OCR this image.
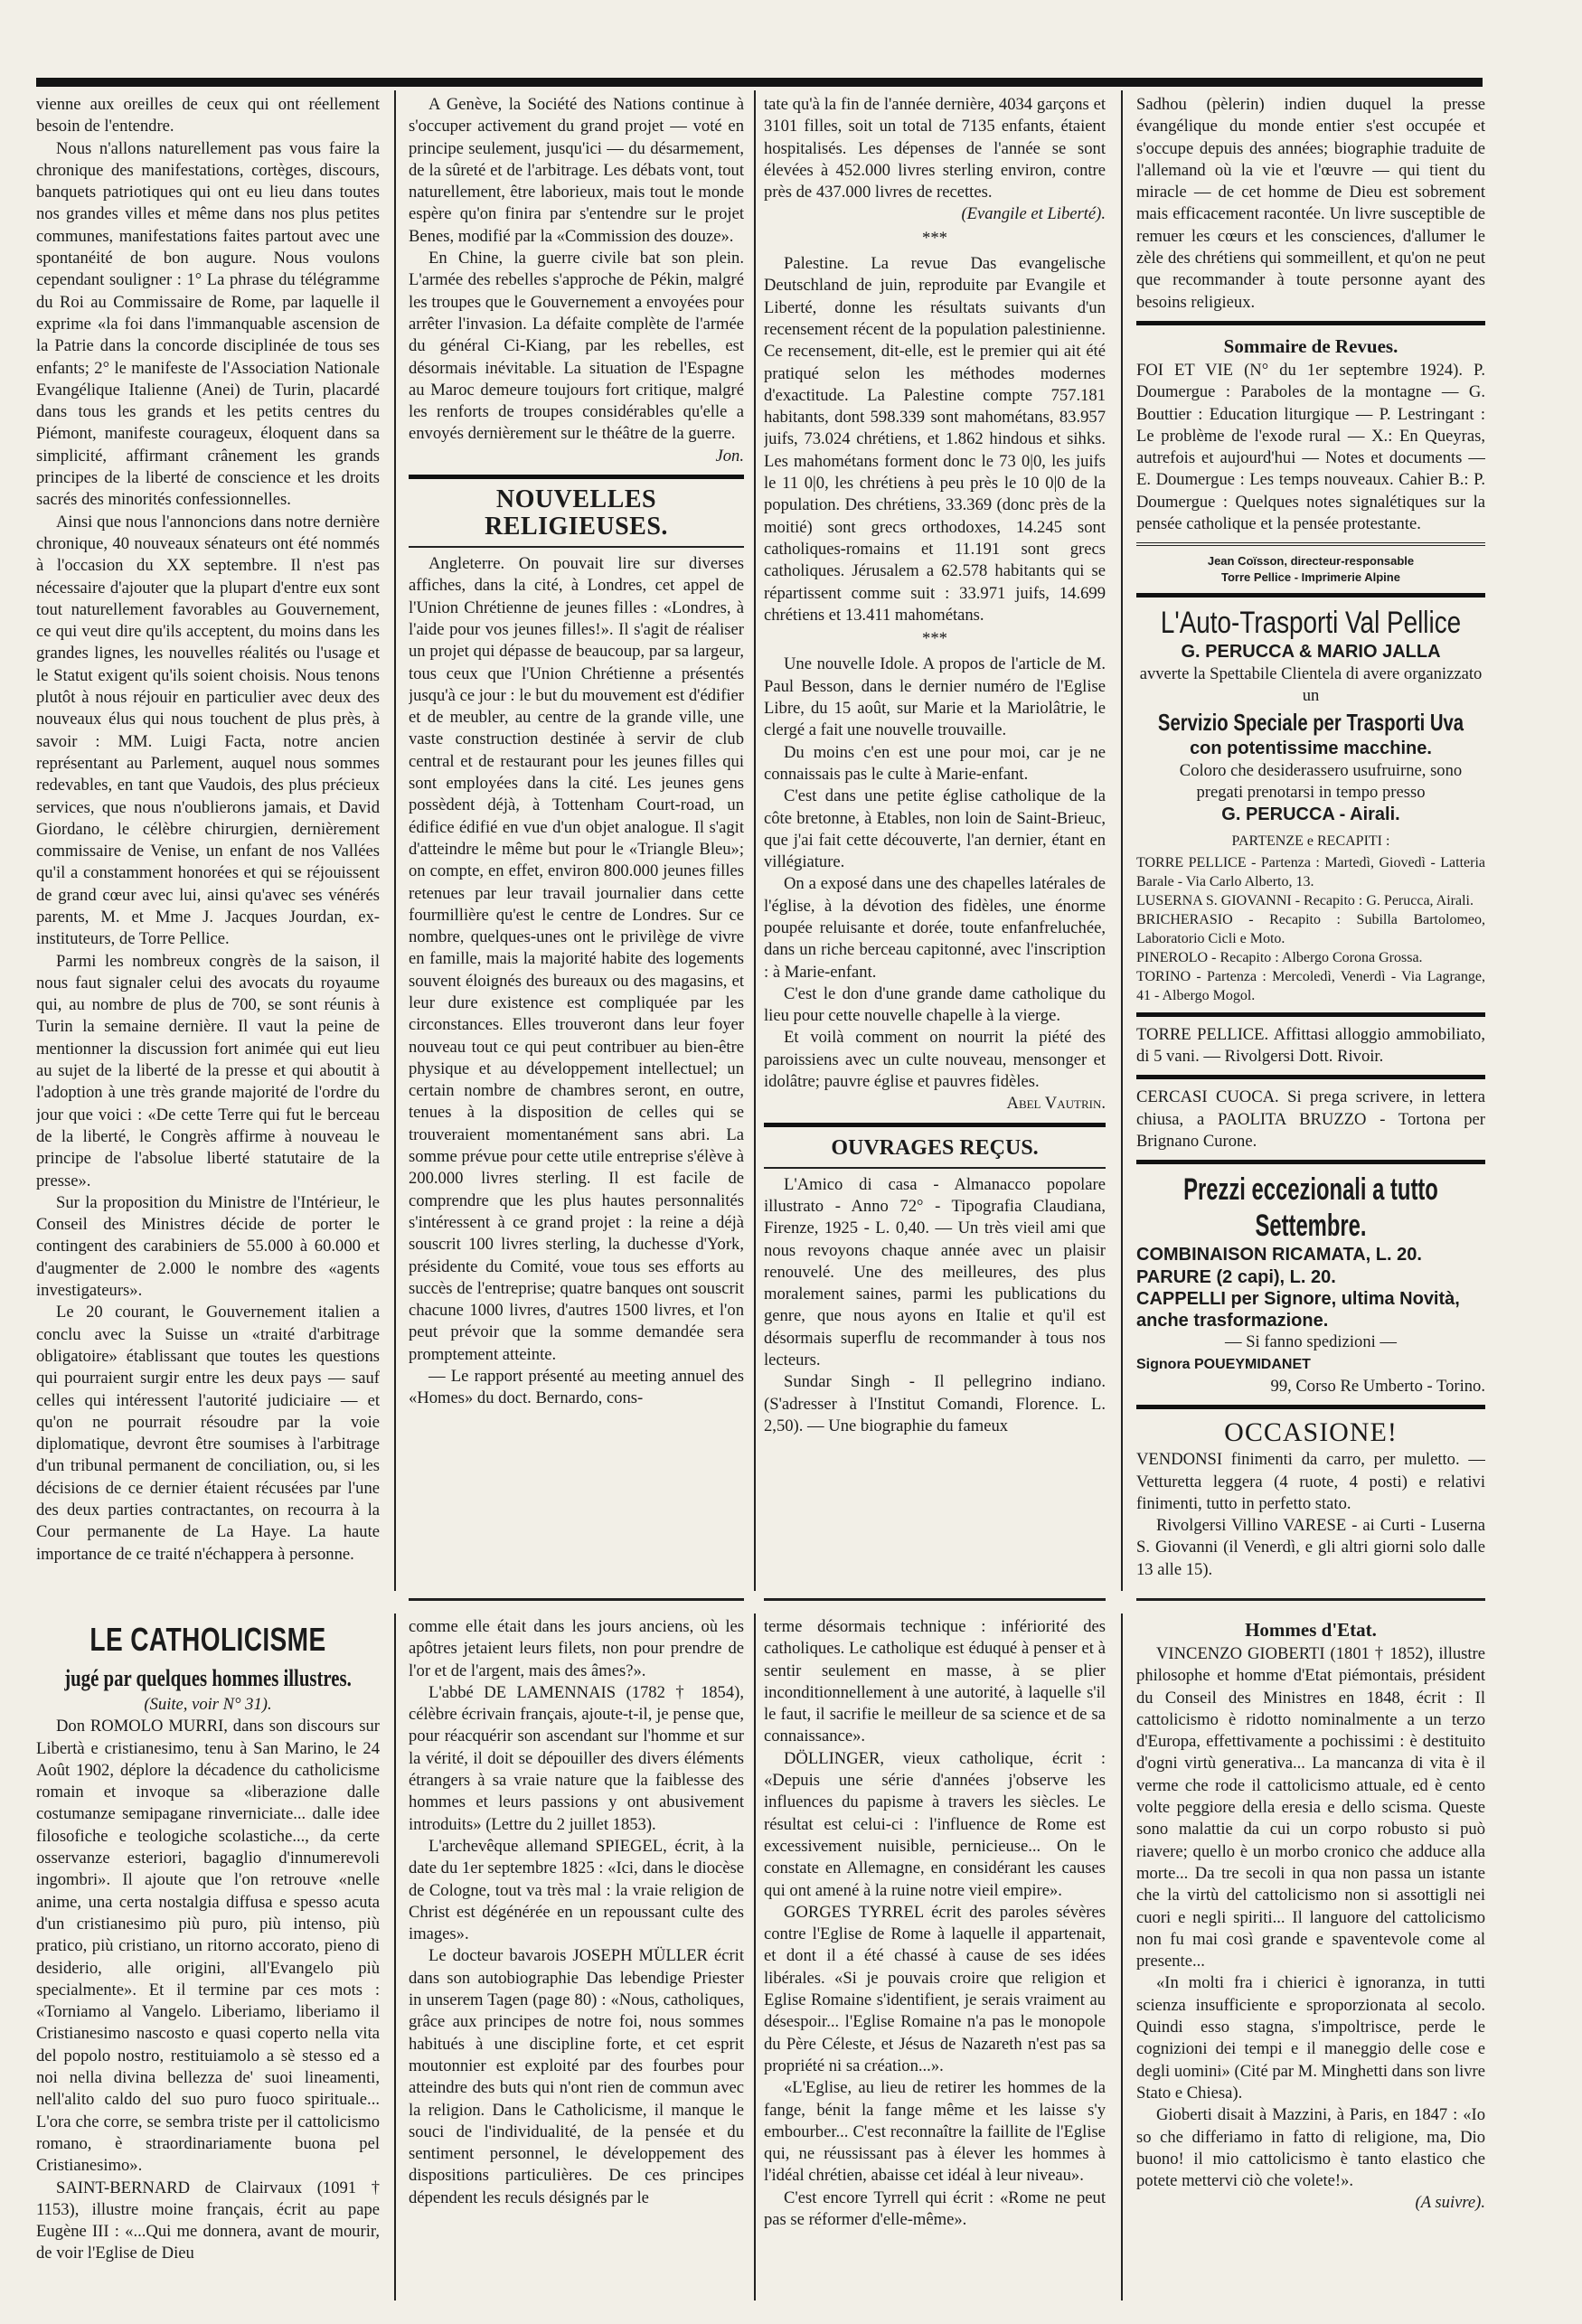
vienne aux oreilles de ceux qui ont réellement besoin de l'entendre.

Nous n'allons naturellement pas vous faire la chronique des manifestations, cortèges, discours, banquets patriotiques qui ont eu lieu dans toutes nos grandes villes et même dans nos plus petites communes, manifestations faites partout avec une spontanéité de bon augure. Nous voulons cependant souligner : 1° La phrase du télégramme du Roi au Commissaire de Rome, par laquelle il exprime «la foi dans l'immanquable ascension de la Patrie dans la concorde disciplinée de tous ses enfants; 2° le manifeste de l'Association Nationale Evangélique Italienne (Anei) de Turin, placardé dans tous les grands et les petits centres du Piémont, manifeste courageux, éloquent dans sa simplicité, affirmant crânement les grands principes de la liberté de conscience et les droits sacrés des minorités confessionnelles.

Ainsi que nous l'annoncions dans notre dernière chronique, 40 nouveaux sénateurs ont été nommés à l'occasion du XX septembre. Il n'est pas nécessaire d'ajouter que la plupart d'entre eux sont tout naturellement favorables au Gouvernement, ce qui veut dire qu'ils acceptent, du moins dans les grandes lignes, les nouvelles réalités ou l'usage et le Statut exigent qu'ils soient choisis. Nous tenons plutôt à nous réjouir en particulier avec deux des nouveaux élus qui nous touchent de plus près, à savoir : MM. Luigi Facta, notre ancien représentant au Parlement, auquel nous sommes redevables, en tant que Vaudois, des plus précieux services, que nous n'oublierons jamais, et David Giordano, le célèbre chirurgien, dernièrement commissaire de Venise, un enfant de nos Vallées qu'il a constamment honorées et qui se réjouissent de grand cœur avec lui, ainsi qu'avec ses vénérés parents, M. et Mme J. Jacques Jourdan, ex-instituteurs, de Torre Pellice.

Parmi les nombreux congrès de la saison, il nous faut signaler celui des avocats du royaume qui, au nombre de plus de 700, se sont réunis à Turin la semaine dernière. Il vaut la peine de mentionner la discussion fort animée qui eut lieu au sujet de la liberté de la presse et qui aboutit à l'adoption à une très grande majorité de l'ordre du jour que voici : «De cette Terre qui fut le berceau de la liberté, le Congrès affirme à nouveau le principe de l'absolue liberté statutaire de la presse».

Sur la proposition du Ministre de l'Intérieur, le Conseil des Ministres décide de porter le contingent des carabiniers de 55.000 à 60.000 et d'augmenter de 2.000 le nombre des «agents investigateurs».

Le 20 courant, le Gouvernement italien a conclu avec la Suisse un «traité d'arbitrage obligatoire» établissant que toutes les questions qui pourraient surgir entre les deux pays — sauf celles qui intéressent l'autorité judiciaire — et qu'on ne pourrait résoudre par la voie diplomatique, devront être soumises à l'arbitrage d'un tribunal permanent de conciliation, ou, si les décisions de ce dernier étaient récusées par l'une des deux parties contractantes, on recourra à la Cour permanente de La Haye. La haute importance de ce traité n'échappera à personne.

A Genève, la Société des Nations continue à s'occuper activement du grand projet — voté en principe seulement, jusqu'ici — du désarmement, de la sûreté et de l'arbitrage. Les débats vont, tout naturellement, être laborieux, mais tout le monde espère qu'on finira par s'entendre sur le projet Benes, modifié par la «Commission des douze».

En Chine, la guerre civile bat son plein. L'armée des rebelles s'approche de Pékin, malgré les troupes que le Gouvernement a envoyées pour arrêter l'invasion. La défaite complète de l'armée du général Ci-Kiang, par les rebelles, est désormais inévitable. La situation de l'Espagne au Maroc demeure toujours fort critique, malgré les renforts de troupes considérables qu'elle a envoyés dernièrement sur le théâtre de la guerre.

Jon.

NOUVELLES RELIGIEUSES.

Angleterre. On pouvait lire sur diverses affiches, dans la cité, à Londres, cet appel de l'Union Chrétienne de jeunes filles : «Londres, à l'aide pour vos jeunes filles!». Il s'agit de réaliser un projet qui dépasse de beaucoup, par sa largeur, tous ceux que l'Union Chrétienne a présentés jusqu'à ce jour : le but du mouvement est d'édifier et de meubler, au centre de la grande ville, une vaste construction destinée à servir de club central et de restaurant pour les jeunes filles qui sont employées dans la cité. Les jeunes gens possèdent déjà, à Tottenham Court-road, un édifice édifié en vue d'un objet analogue. Il s'agit d'atteindre le même but pour le «Triangle Bleu»; on compte, en effet, environ 800.000 jeunes filles retenues par leur travail journalier dans cette fourmillière qu'est le centre de Londres. Sur ce nombre, quelques-unes ont le privilège de vivre en famille, mais la majorité habite des logements souvent éloignés des bureaux ou des magasins, et leur dure existence est compliquée par les circonstances. Elles trouveront dans leur foyer nouveau tout ce qui peut contribuer au bien-être physique et au développement intellectuel; un certain nombre de chambres seront, en outre, tenues à la disposition de celles qui se trouveraient momentanément sans abri. La somme prévue pour cette utile entreprise s'élève à 200.000 livres sterling. Il est facile de comprendre que les plus hautes personnalités s'intéressent à ce grand projet : la reine a déjà souscrit 100 livres sterling, la duchesse d'York, présidente du Comité, voue tous ses efforts au succès de l'entreprise; quatre banques ont souscrit chacune 1000 livres, d'autres 1500 livres, et l'on peut prévoir que la somme demandée sera promptement atteinte.

— Le rapport présenté au meeting annuel des «Homes» du doct. Bernardo, cons-

tate qu'à la fin de l'année dernière, 4034 garçons et 3101 filles, soit un total de 7135 enfants, étaient hospitalisés. Les dépenses de l'année se sont élevées à 452.000 livres sterling environ, contre près de 437.000 livres de recettes.

(Evangile et Liberté).

***

Palestine. La revue Das evangelische Deutschland de juin, reproduite par Evangile et Liberté, donne les résultats suivants d'un recensement récent de la population palestinienne. Ce recensement, dit-elle, est le premier qui ait été pratiqué selon les méthodes modernes d'exactitude. La Palestine compte 757.181 habitants, dont 598.339 sont mahométans, 83.957 juifs, 73.024 chrétiens, et 1.862 hindous et sihks. Les mahométans forment donc le 73 0|0, les juifs le 11 0|0, les chrétiens à peu près le 10 0|0 de la population. Des chrétiens, 33.369 (donc près de la moitié) sont grecs orthodoxes, 14.245 sont catholiques-romains et 11.191 sont grecs catholiques. Jérusalem a 62.578 habitants qui se répartissent comme suit : 33.971 juifs, 14.699 chrétiens et 13.411 mahométans.

***

Une nouvelle Idole. A propos de l'article de M. Paul Besson, dans le dernier numéro de l'Eglise Libre, du 15 août, sur Marie et la Mariolâtrie, le clergé a fait une nouvelle trouvaille.

Du moins c'en est une pour moi, car je ne connaissais pas le culte à Marie-enfant.

C'est dans une petite église catholique de la côte bretonne, à Etables, non loin de Saint-Brieuc, que j'ai fait cette découverte, l'an dernier, étant en villégiature.

On a exposé dans une des chapelles latérales de l'église, à la dévotion des fidèles, une énorme poupée reluisante et dorée, toute enfanfreluchée, dans un riche berceau capitonné, avec l'inscription : à Marie-enfant.

C'est le don d'une grande dame catholique du lieu pour cette nouvelle chapelle à la vierge.

Et voilà comment on nourrit la piété des paroissiens avec un culte nouveau, mensonger et idolâtre; pauvre église et pauvres fidèles.

Abel Vautrin.

OUVRAGES REÇUS.

L'Amico di casa - Almanacco popolare illustrato - Anno 72° - Tipografia Claudiana, Firenze, 1925 - L. 0,40. — Un très vieil ami que nous revoyons chaque année avec un plaisir renouvelé. Une des meilleures, des plus moralement saines, parmi les publications du genre, que nous ayons en Italie et qu'il est désormais superflu de recommander à tous nos lecteurs.

Sundar Singh - Il pellegrino indiano. (S'adresser à l'Institut Comandi, Florence. L. 2,50). — Une biographie du fameux

Sadhou (pèlerin) indien duquel la presse évangélique du monde entier s'est occupée et s'occupe depuis des années; biographie traduite de l'allemand où la vie et l'œuvre — qui tient du miracle — de cet homme de Dieu est sobrement mais efficacement racontée. Un livre susceptible de remuer les cœurs et les consciences, d'allumer le zèle des chrétiens qui sommeillent, et qu'on ne peut que recommander à toute personne ayant des besoins religieux.

Sommaire de Revues.

FOI ET VIE (N° du 1er septembre 1924). P. Doumergue : Paraboles de la montagne — G. Bouttier : Education liturgique — P. Lestringant : Le problème de l'exode rural — X.: En Queyras, autrefois et aujourd'hui — Notes et documents — E. Doumergue : Les temps nouveaux. Cahier B.: P. Doumergue : Quelques notes signalétiques sur la pensée catholique et la pensée protestante.

Jean Coïsson, directeur-responsable
Torre Pellice - Imprimerie Alpine
L'Auto-Trasporti Val Pellice
G. PERUCCA & MARIO JALLA

avverte la Spettabile Clientela di avere organizzato un

Servizio Speciale per Trasporti Uva
con potentissime macchine.

Coloro che desiderassero usufruirne, sono pregati prenotarsi in tempo presso

G. PERUCCA - Airali.
PARTENZE e RECAPITI :

TORRE PELLICE - Partenza : Martedì, Giovedì - Latteria Barale - Via Carlo Alberto, 13.

LUSERNA S. GIOVANNI - Recapito : G. Perucca, Airali.

BRICHERASIO - Recapito : Subilla Bartolomeo, Laboratorio Cicli e Moto.

PINEROLO - Recapito : Albergo Corona Grossa.

TORINO - Partenza : Mercoledì, Venerdì - Via Lagrange, 41 - Albergo Mogol.

TORRE PELLICE. Affittasi alloggio ammobiliato, di 5 vani. — Rivolgersi Dott. Rivoir.

CERCASI CUOCA. Si prega scrivere, in lettera chiusa, a PAOLITA BRUZZO - Tortona per Brignano Curone.

Prezzi eccezionali a tutto Settembre.
COMBINAISON RICAMATA, L. 20.
PARURE (2 capi), L. 20.
CAPPELLI per Signore, ultima Novità, anche trasformazione.
— Si fanno spedizioni —
Signora POUEYMIDANET
99, Corso Re Umberto - Torino.
OCCASIONE!

VENDONSI finimenti da carro, per muletto. — Vetturetta leggera (4 ruote, 4 posti) e relativi finimenti, tutto in perfetto stato.

Rivolgersi Villino VARESE - ai Curti - Luserna S. Giovanni (il Venerdì, e gli altri giorni solo dalle 13 alle 15).

LE CATHOLICISME
jugé par quelques hommes illustres.
(Suite, voir N° 31).

Don ROMOLO MURRI, dans son discours sur Libertà e cristianesimo, tenu à San Marino, le 24 Août 1902, déplore la décadence du catholicisme romain et invoque sa «liberazione dalle costumanze semipagane rinverniciate... dalle idee filosofiche e teologiche scolastiche..., da certe osservanze esteriori, bagaglio d'innumerevoli ingombri». Il ajoute que l'on retrouve «nelle anime, una certa nostalgia diffusa e spesso acuta d'un cristianesimo più puro, più intenso, più pratico, più cristiano, un ritorno accorato, pieno di desiderio, alle origini, all'Evangelo più specialmente». Et il termine par ces mots : «Torniamo al Vangelo. Liberiamo, liberiamo il Cristianesimo nascosto e quasi coperto nella vita del popolo nostro, restituiamolo a sè stesso ed a noi nella divina bellezza de' suoi lineamenti, nell'alito caldo del suo puro fuoco spirituale... L'ora che corre, se sembra triste per il cattolicismo romano, è straordinariamente buona pel Cristianesimo».

SAINT-BERNARD de Clairvaux (1091 † 1153), illustre moine français, écrit au pape Eugène III : «...Qui me donnera, avant de mourir, de voir l'Eglise de Dieu

comme elle était dans les jours anciens, où les apôtres jetaient leurs filets, non pour prendre de l'or et de l'argent, mais des âmes?».

L'abbé DE LAMENNAIS (1782 † 1854), célèbre écrivain français, ajoute-t-il, je pense que, pour réacquérir son ascendant sur l'homme et sur la vérité, il doit se dépouiller des divers éléments étrangers à sa vraie nature que la faiblesse des hommes et leurs passions y ont abusivement introduits» (Lettre du 2 juillet 1853).

L'archevêque allemand SPIEGEL, écrit, à la date du 1er septembre 1825 : «Ici, dans le diocèse de Cologne, tout va très mal : la vraie religion de Christ est dégénérée en un repoussant culte des images».

Le docteur bavarois JOSEPH MÜLLER écrit dans son autobiographie Das lebendige Priester in unserem Tagen (page 80) : «Nous, catholiques, grâce aux principes de notre foi, nous sommes habitués à une discipline forte, et cet esprit moutonnier est exploité par des fourbes pour atteindre des buts qui n'ont rien de commun avec la religion. Dans le Catholicisme, il manque le souci de l'individualité, de la pensée et du sentiment personnel, le développement des dispositions particulières. De ces principes dépendent les reculs désignés par le

terme désormais technique : infériorité des catholiques. Le catholique est éduqué à penser et à sentir seulement en masse, à se plier inconditionnellement à une autorité, à laquelle s'il le faut, il sacrifie le meilleur de sa science et de sa connaissance».

DÖLLINGER, vieux catholique, écrit : «Depuis une série d'années j'observe les influences du papisme à travers les siècles. Le résultat est celui-ci : l'influence de Rome est excessivement nuisible, pernicieuse... On le constate en Allemagne, en considérant les causes qui ont amené à la ruine notre vieil empire».

GORGES TYRREL écrit des paroles sévères contre l'Eglise de Rome à laquelle il appartenait, et dont il a été chassé à cause de ses idées libérales. «Si je pouvais croire que religion et Eglise Romaine s'identifient, je serais vraiment au désespoir... l'Eglise Romaine n'a pas le monopole du Père Céleste, et Jésus de Nazareth n'est pas sa propriété ni sa création...».

«L'Eglise, au lieu de retirer les hommes de la fange, bénit la fange même et les laisse s'y embourber... C'est reconnaître la faillite de l'Eglise qui, ne réussissant pas à élever les hommes à l'idéal chrétien, abaisse cet idéal à leur niveau».

C'est encore Tyrrell qui écrit : «Rome ne peut pas se réformer d'elle-même».

Hommes d'Etat.

VINCENZO GIOBERTI (1801 † 1852), illustre philosophe et homme d'Etat piémontais, président du Conseil des Ministres en 1848, écrit : Il cattolicismo è ridotto nominalmente a un terzo d'Europa, effettivamente a pochissimi : è destituito d'ogni virtù generativa... La mancanza di vita è il verme che rode il cattolicismo attuale, ed è cento volte peggiore della eresia e dello scisma. Queste sono malattie da cui un corpo robusto si può riavere; quello è un morbo cronico che adduce alla morte... Da tre secoli in qua non passa un istante che la virtù del cattolicismo non si assottigli nei cuori e negli spiriti... Il languore del cattolicismo non fu mai così grande e spaventevole come al presente...

«In molti fra i chierici è ignoranza, in tutti scienza insufficiente e sproporzionata al secolo. Quindi esso stagna, s'impoltrisce, perde le cognizioni dei tempi e il maneggio delle cose e degli uomini» (Cité par M. Minghetti dans son livre Stato e Chiesa).

Gioberti disait à Mazzini, à Paris, en 1847 : «Io so che differiamo in fatto di religione, ma, Dio buono! il mio cattolicismo è tanto elastico che potete mettervi ciò che volete!».

(A suivre).
